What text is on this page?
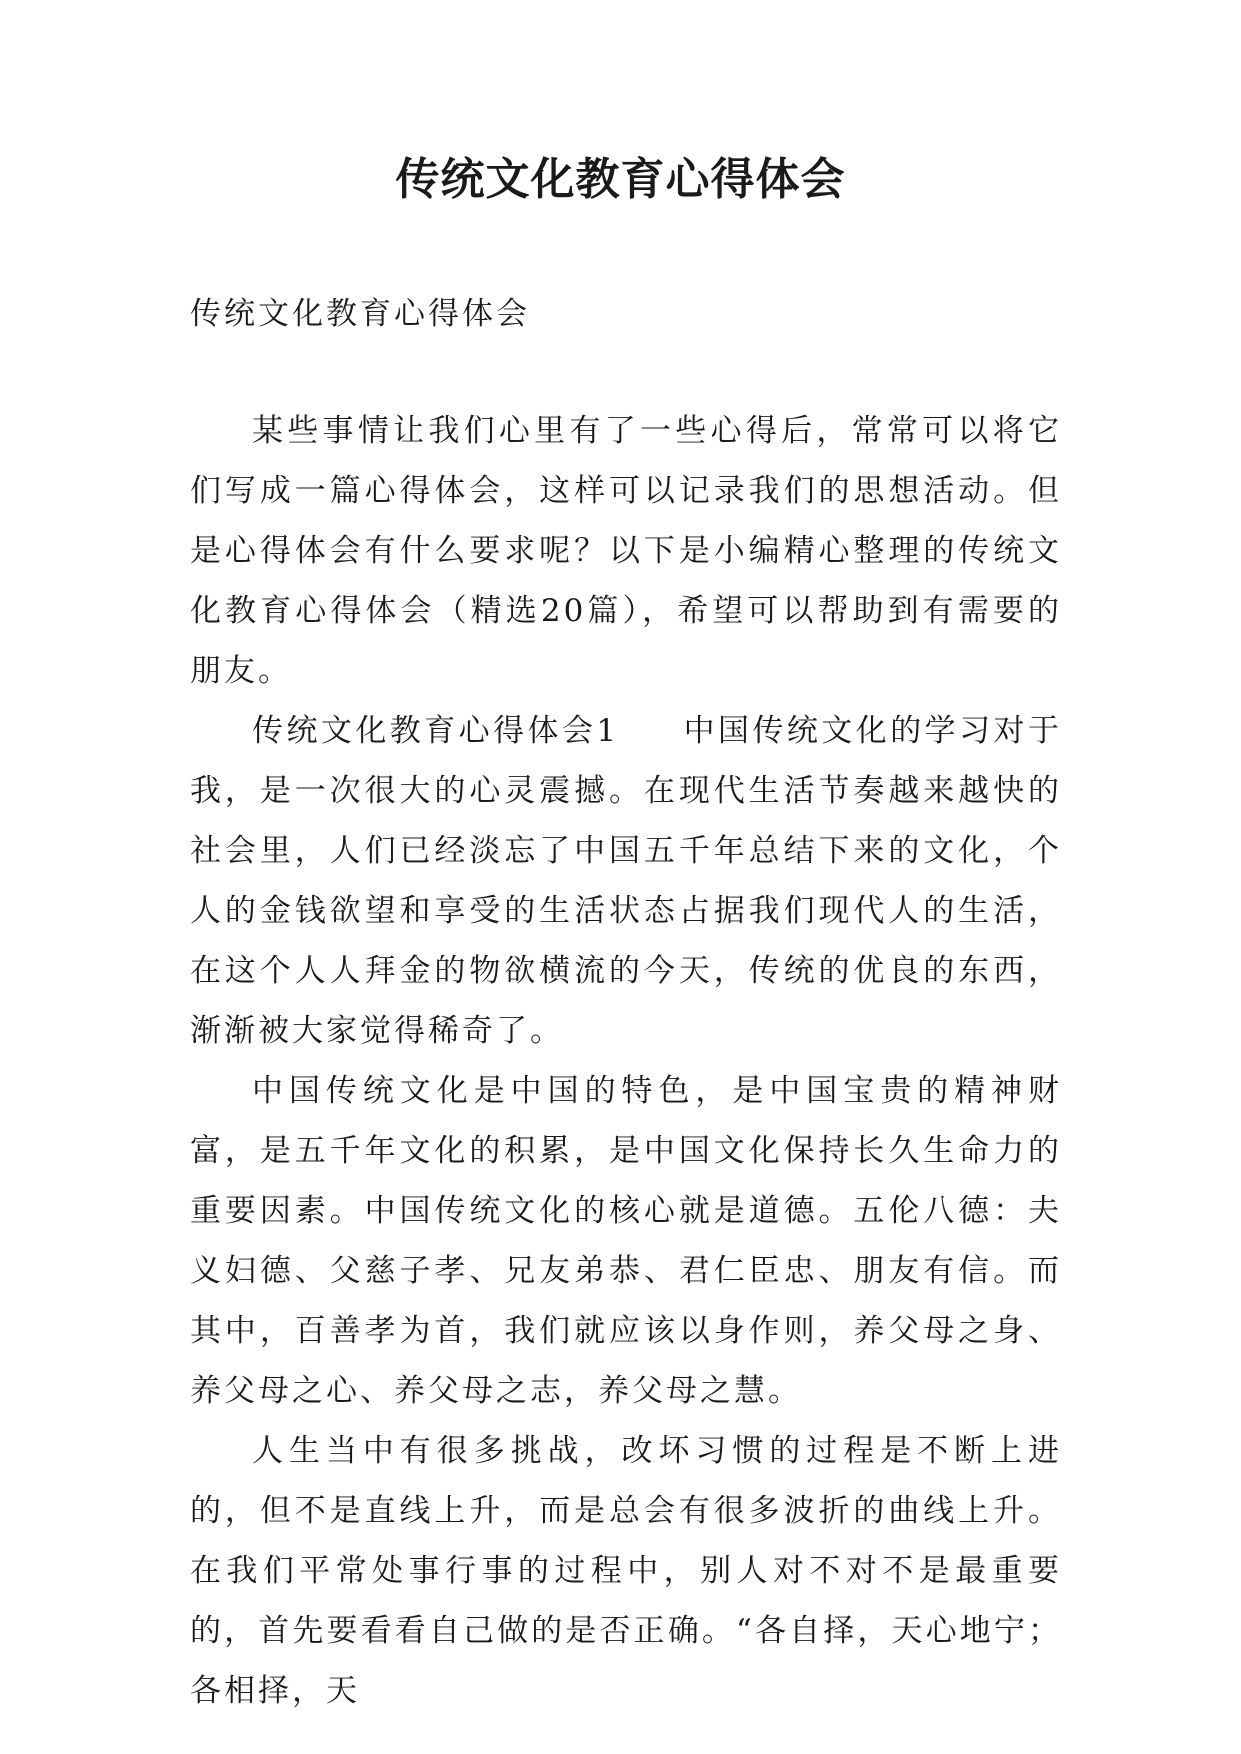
传统文化教育心得体会
传统文化教育心得体会

某些事情让我们心里有了一些心得后，常常可以将它们写成一篇心得体会，这样可以记录我们的思想活动。但是心得体会有什么要求呢？以下是小编精心整理的传统文化教育心得体会（精选20篇），希望可以帮助到有需要的朋友。

传统文化教育心得体会1 中国传统文化的学习对于我，是一次很大的心灵震撼。在现代生活节奏越来越快的社会里，人们已经淡忘了中国五千年总结下来的文化，个人的金钱欲望和享受的生活状态占据我们现代人的生活，在这个人人拜金的物欲横流的今天，传统的优良的东西，渐渐被大家觉得稀奇了。

中国传统文化是中国的特色，是中国宝贵的精神财富，是五千年文化的积累，是中国文化保持长久生命力的重要因素。中国传统文化的核心就是道德。五伦八德：夫义妇德、父慈子孝、兄友弟恭、君仁臣忠、朋友有信。而其中，百善孝为首，我们就应该以身作则，养父母之身、养父母之心、养父母之志，养父母之慧。

人生当中有很多挑战，改坏习惯的过程是不断上进的，但不是直线上升，而是总会有很多波折的曲线上升。在我们平常处事行事的过程中，别人对不对不是最重要的，首先要看看自己做的是否正确。“各自择，天心地宁；各相择，天
